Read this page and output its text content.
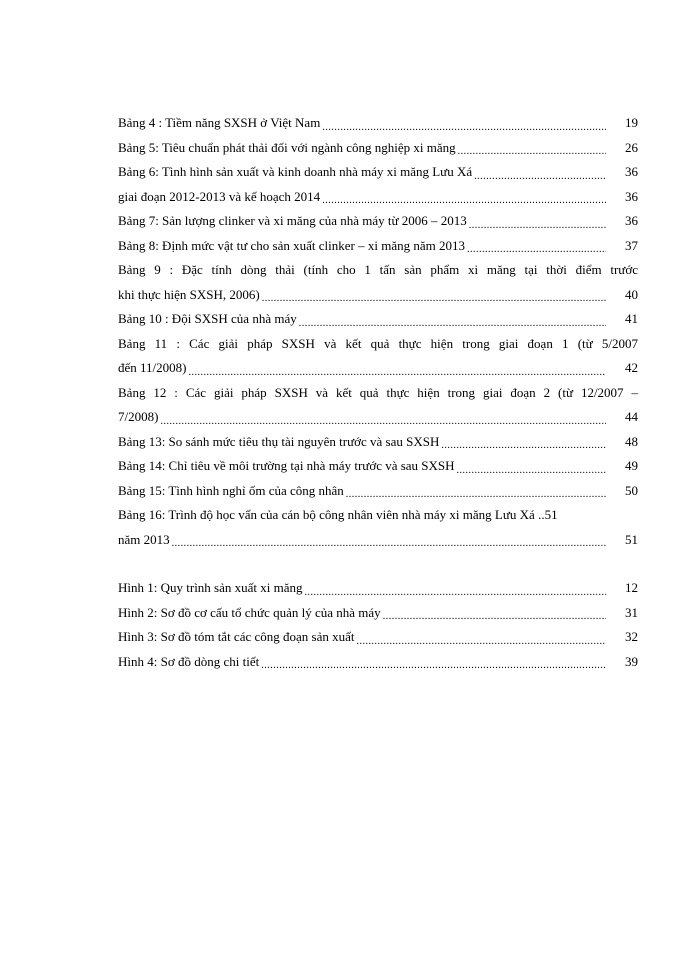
Bảng 4 : Tiềm năng SXSH ở Việt Nam .....	19
Bảng 5: Tiêu chuẩn phát thải đối với ngành công nghiệp xi măng .....	26
Bảng 6: Tình hình sản xuất và kinh doanh nhà máy xi măng Lưu Xá .....	36
giai đoạn 2012-2013 và kế hoạch 2014 .....	36
Bảng 7: Sản lượng clinker và xi măng của nhà máy từ 2006 – 2013 .....	36
Bảng 8: Định mức vật tư cho sản xuất clinker – xi măng năm 2013 .....	37
Bảng 9 : Đặc tính dòng thải (tính cho 1 tấn sản phẩm xi măng tại thời điểm trước
khi thực hiện SXSH, 2006) .....	40
Bảng 10 : Đội SXSH của nhà máy .....	41
Bảng 11 : Các giải pháp SXSH và kết quả thực hiện trong giai đoạn 1 (từ 5/2007
đến 11/2008) .....	42
Bảng 12 : Các giải pháp SXSH và kết quả thực hiện trong giai đoạn 2 (từ 12/2007 –
7/2008) .....	44
Bảng 13: So sánh mức tiêu thụ tài nguyên trước và sau SXSH .....	48
Bảng 14: Chỉ tiêu về môi trường tại nhà máy trước và sau SXSH .....	49
Bảng 15: Tình hình nghỉ ốm của công nhân .....	50
Bảng 16: Trình độ học vấn của cán bộ công nhân viên nhà máy xi măng Lưu Xá ..51
năm 2013 .....	51
Hình 1: Quy trình sản xuất xi măng .....	12
Hình 2: Sơ đồ cơ cấu tổ chức quản lý của nhà máy .....	31
Hình 3: Sơ đồ tóm tắt các công đoạn sản xuất .....	32
Hình 4: Sơ đồ dòng chi tiết .....	39
